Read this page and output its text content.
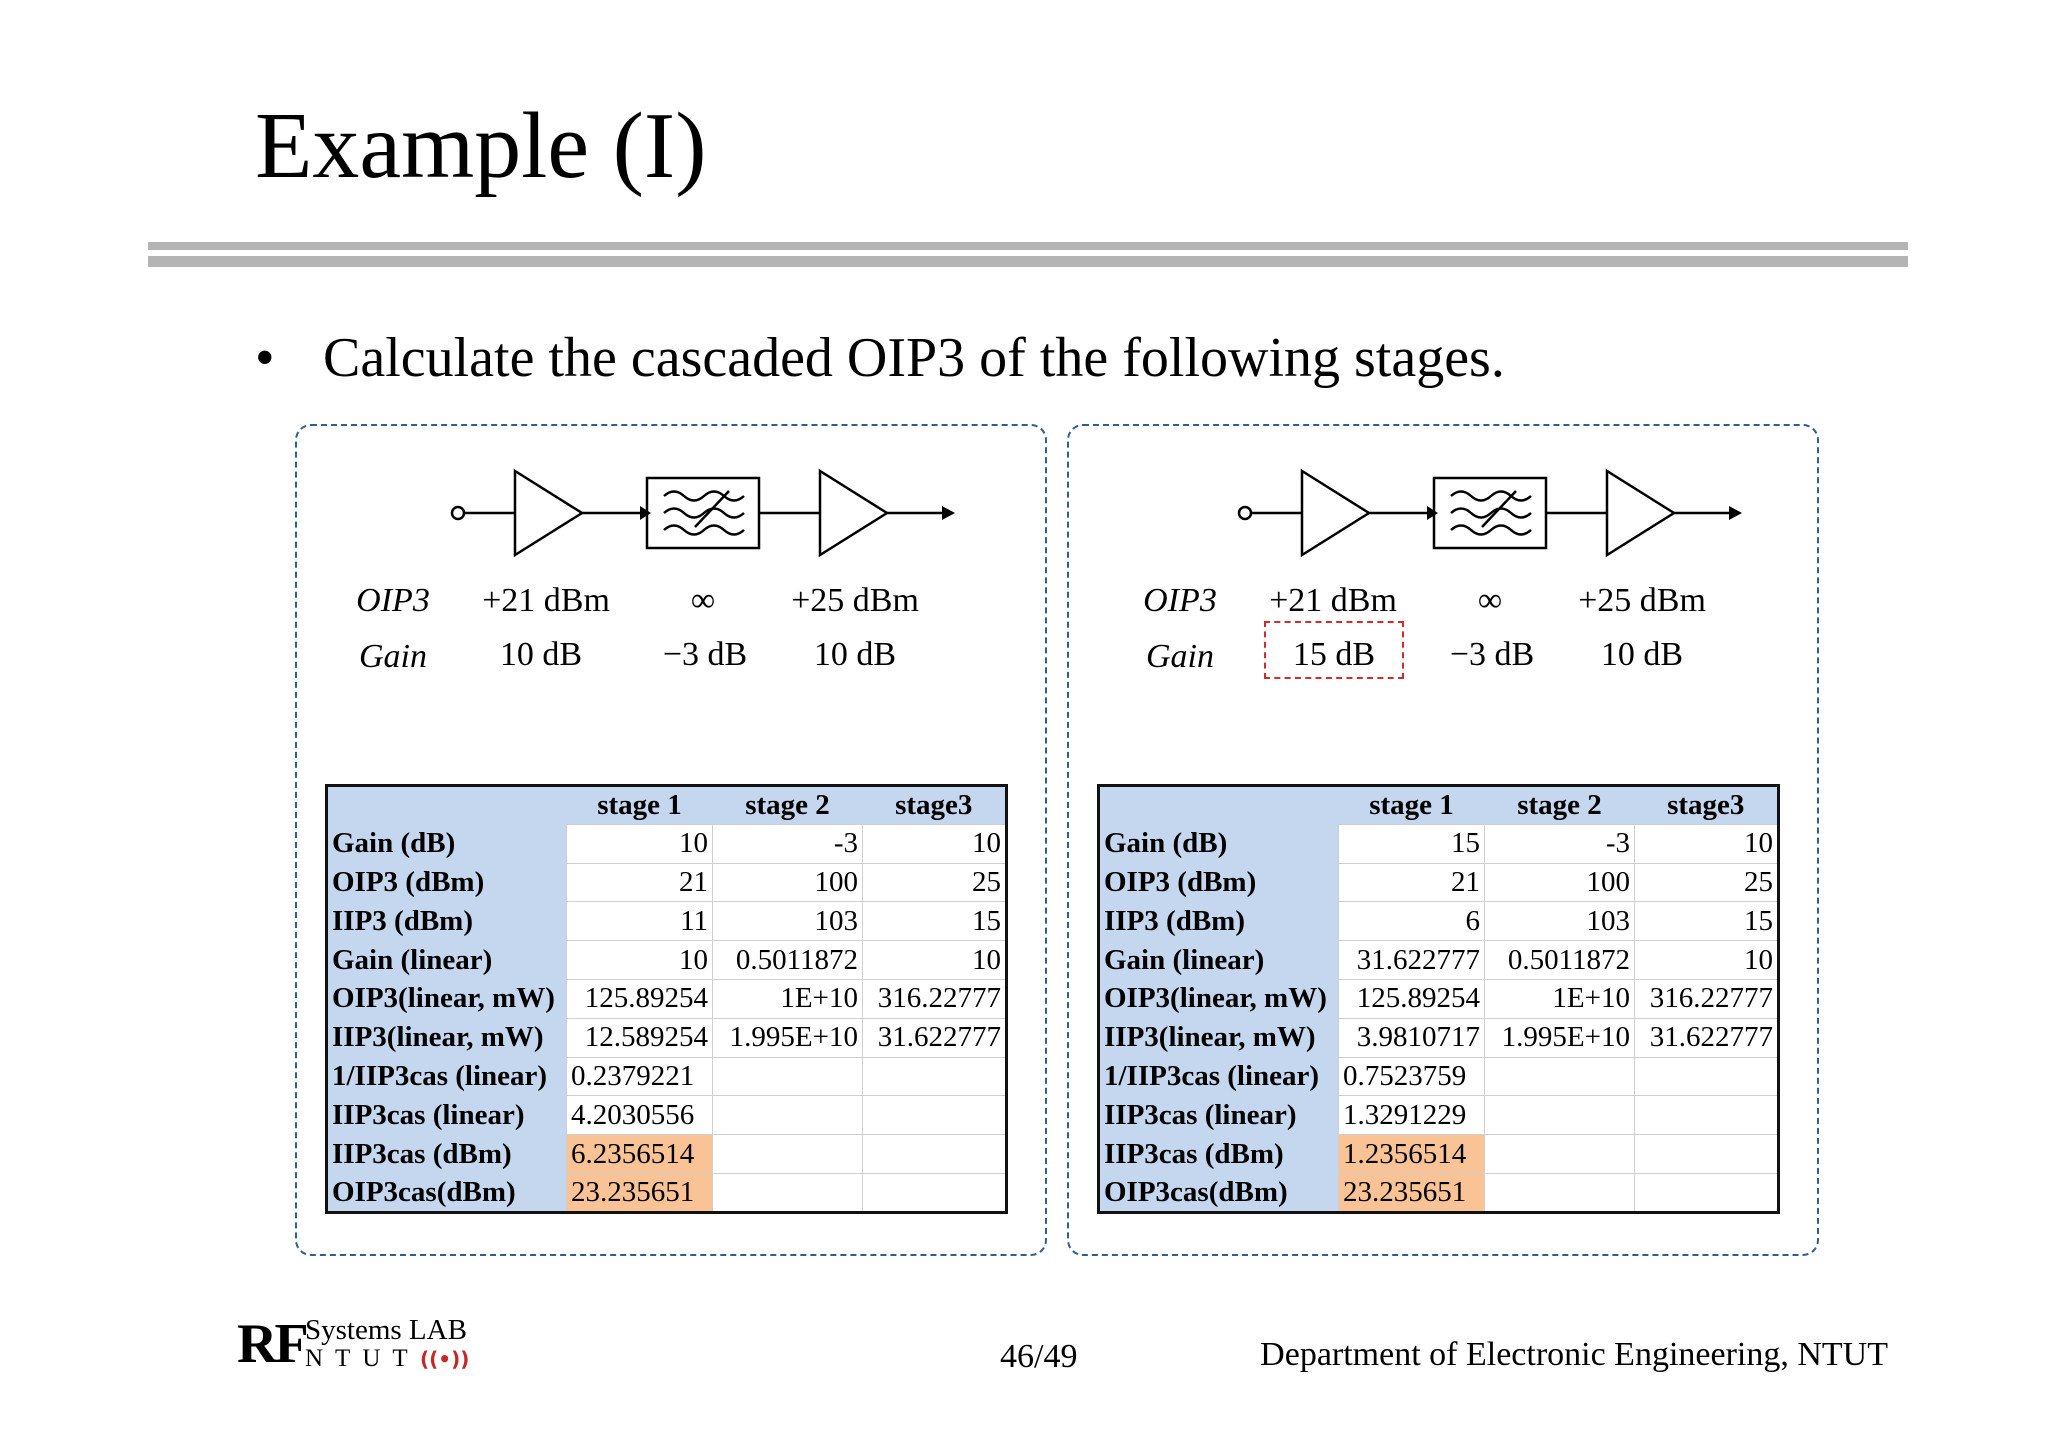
Example (I)
• Calculate the cascaded OIP3 of the following stages.
OIP3 +21 dBm ∞ +25 dBm
Gain 10 dB −3 dB 10 dB
	stage 1	stage 2	stage3
Gain (dB)	10	-3	10
OIP3 (dBm)	21	100	25
IIP3 (dBm)	11	103	15
Gain (linear)	10	0.5011872	10
OIP3(linear, mW)	125.89254	1E+10	316.22777
IIP3(linear, mW)	12.589254	1.995E+10	31.622777
1/IIP3cas (linear)	0.2379221		
IIP3cas (linear)	4.2030556		
IIP3cas (dBm)	6.2356514		
OIP3cas(dBm)	23.235651		
OIP3 +21 dBm ∞ +25 dBm
Gain 15 dB −3 dB 10 dB
	stage 1	stage 2	stage3
Gain (dB)	15	-3	10
OIP3 (dBm)	21	100	25
IIP3 (dBm)	6	103	15
Gain (linear)	31.622777	0.5011872	10
OIP3(linear, mW)	125.89254	1E+10	316.22777
IIP3(linear, mW)	3.9810717	1.995E+10	31.622777
1/IIP3cas (linear)	0.7523759		
IIP3cas (linear)	1.3291229		
IIP3cas (dBm)	1.2356514		
OIP3cas(dBm)	23.235651		
RF Systems LAB
NTUT ((•))	46/49	Department of Electronic Engineering, NTUT
